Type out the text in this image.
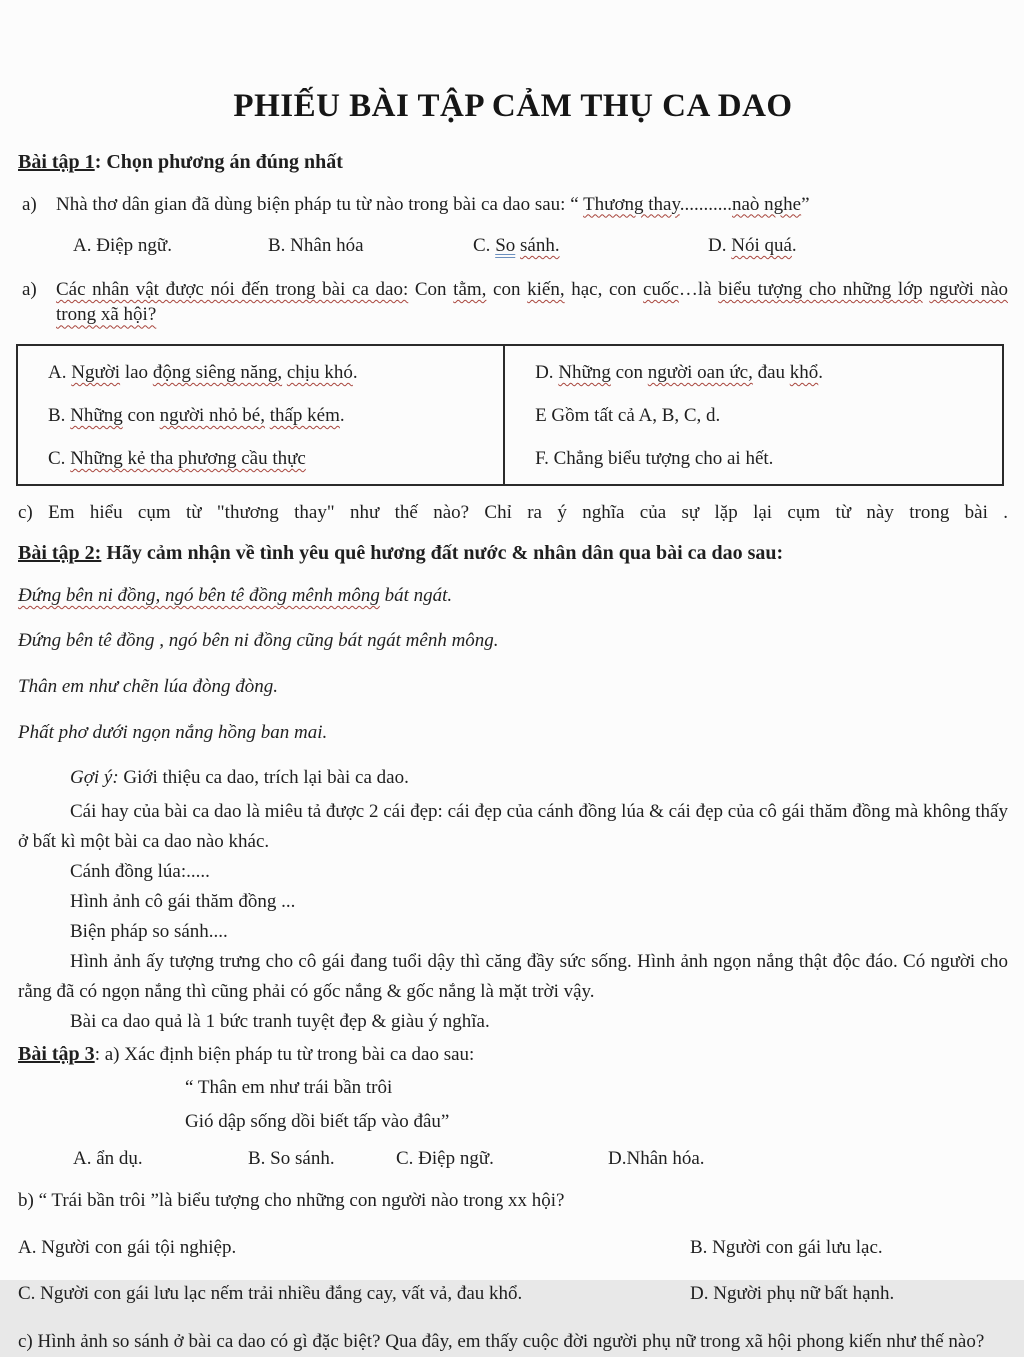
PHIẾU BÀI TẬP CẢM THỤ CA DAO

Bài tập 1: Chọn phương án đúng nhất

a)	Nhà thơ dân gian đã dùng biện pháp tu từ nào trong bài ca dao sau: “ Thương thay...........naò nghe”
A. Điệp ngữ.	B. Nhân hóa	C. So sánh.	D. Nói quá.
a)	Các nhân vật được nói đến trong bài ca dao: Con tằm, con kiến, hạc, con cuốc…là biểu tượng cho những lớp người nào trong xã hội?

A. Người lao động siêng năng, chịu khó.

B. Những con người nhỏ bé, thấp kém.

C. Những kẻ tha phương cầu thực

D. Những con người oan ức, đau khổ.

E Gồm tất cả A, B, C, d.

F. Chẳng biểu tượng cho ai hết.

c) Em hiểu cụm từ "thương thay" như thế nào? Chỉ ra ý nghĩa của sự lặp lại cụm từ này trong bài .

Bài tập 2: Hãy cảm nhận về tình yêu quê hương đất nước & nhân dân qua bài ca dao sau:

Đứng bên ni đồng, ngó bên tê đồng mênh mông bát ngát.

Đứng bên tê đồng , ngó bên ni đồng cũng bát ngát mênh mông.

Thân em như chẽn lúa đòng đòng.

Phất phơ dưới ngọn nắng hồng ban mai.

Gợi ý: Giới thiệu ca dao, trích lại bài ca dao.

Cái hay của bài ca dao là miêu tả được 2 cái đẹp: cái đẹp của cánh đồng lúa & cái đẹp của cô gái thăm đồng mà không thấy ở bất kì một bài ca dao nào khác.

Cánh đồng lúa:.....

Hình ảnh cô gái thăm đồng ...

Biện pháp so sánh....

Hình ảnh ấy tượng trưng cho cô gái đang tuổi dậy thì căng đầy sức sống. Hình ảnh ngọn nắng thật độc đáo. Có người cho rằng đã có ngọn nắng thì cũng phải có gốc nắng & gốc nắng là mặt trời vậy.

Bài ca dao quả là 1 bức tranh tuyệt đẹp & giàu ý nghĩa.

Bài tập 3: a) Xác định biện pháp tu từ trong bài ca dao sau:

“ Thân em như trái bần trôi

Gió dập sống dồi biết tấp vào đâu”

A. ẩn dụ.	B. So sánh.	C. Điệp ngữ.	D.Nhân hóa.

b) “ Trái bần trôi ”là biểu tượng cho những con người nào trong xx hội?

A. Người con gái tội nghiệp.	B. Người con gái lưu lạc.
C. Người con gái lưu lạc nếm trải nhiều đắng cay, vất vả, đau khổ.	D. Người phụ nữ bất hạnh.

c) Hình ảnh so sánh ở bài ca dao có gì đặc biệt? Qua đây, em thấy cuộc đời người phụ nữ trong xã hội phong kiến như thế nào?
